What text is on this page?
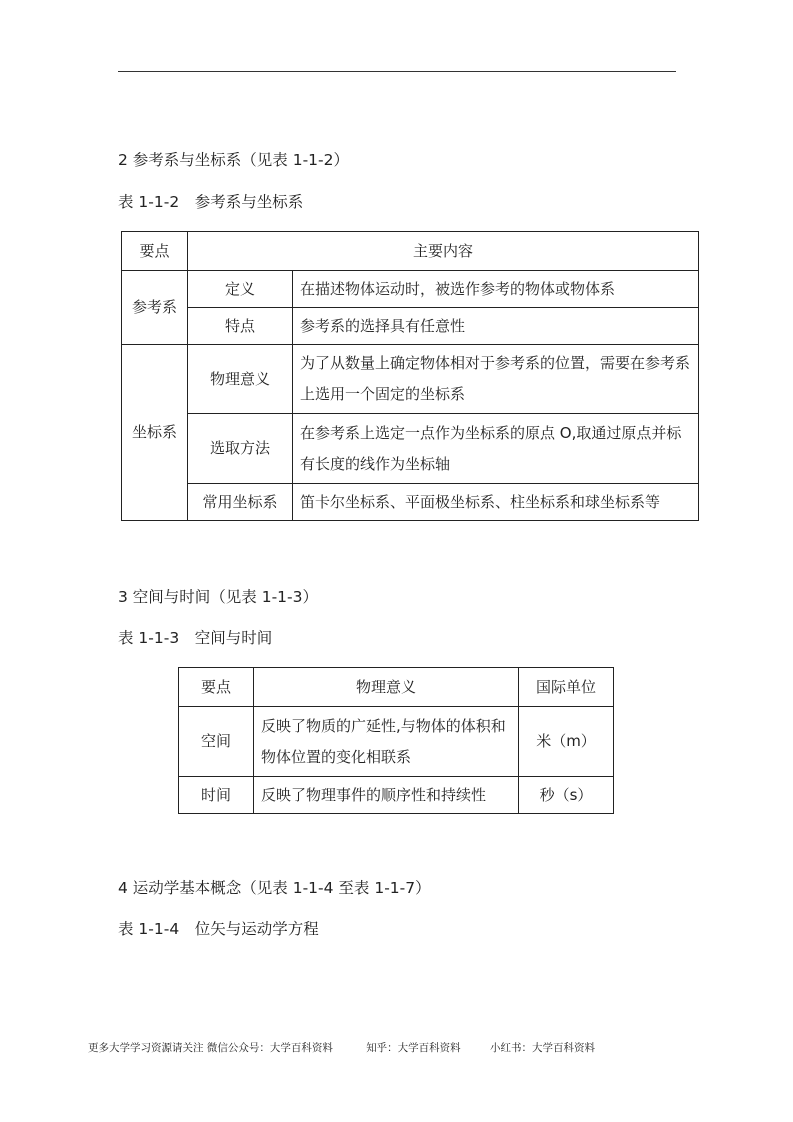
2 参考系与坐标系（见表 1-1-2）
表 1-1-2　参考系与坐标系
要点	主要内容	
参考系	定义	在描述物体运动时，被选作参考的物体或物体系
	特点	参考系的选择具有任意性
坐标系	物理意义	为了从数量上确定物体相对于参考系的位置，需要在参考系上选用一个固定的坐标系
	选取方法	在参考系上选定一点作为坐标系的原点 O,取通过原点并标有长度的线作为坐标轴
	常用坐标系	笛卡尔坐标系、平面极坐标系、柱坐标系和球坐标系等
3 空间与时间（见表 1-1-3）
表 1-1-3　空间与时间
要点	物理意义	国际单位
空间	反映了物质的广延性,与物体的体积和物体位置的变化相联系	米（m）
时间	反映了物理事件的顺序性和持续性	秒（s）
4 运动学基本概念（见表 1-1-4 至表 1-1-7）
表 1-1-4　位矢与运动学方程
更多大学学习资源请关注 微信公众号：大学百科资料	知乎：大学百科资料	小红书：大学百科资料
